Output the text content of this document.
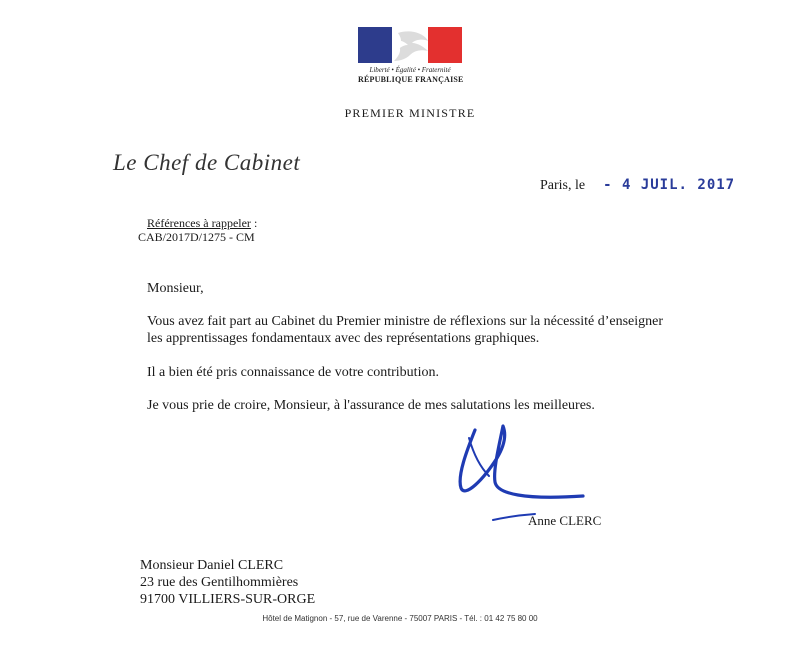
Liberté • Égalité • Fraternité
RÉPUBLIQUE FRANÇAISE
PREMIER MINISTRE
Le Chef de Cabinet
Paris, le - 4 JUIL. 2017
Références à rappeler :
CAB/2017D/1275 - CM

Monsieur,

Vous avez fait part au Cabinet du Premier ministre de réflexions sur la nécessité d’enseigner
les apprentissages fondamentaux avec des représentations graphiques.

Il a bien été pris connaissance de votre contribution.

Je vous prie de croire, Monsieur, à l'assurance de mes salutations les meilleures.

Anne CLERC
Monsieur Daniel CLERC
23 rue des Gentilhommières
91700 VILLIERS-SUR-ORGE
Hôtel de Matignon - 57, rue de Varenne - 75007 PARIS - Tél. : 01 42 75 80 00
